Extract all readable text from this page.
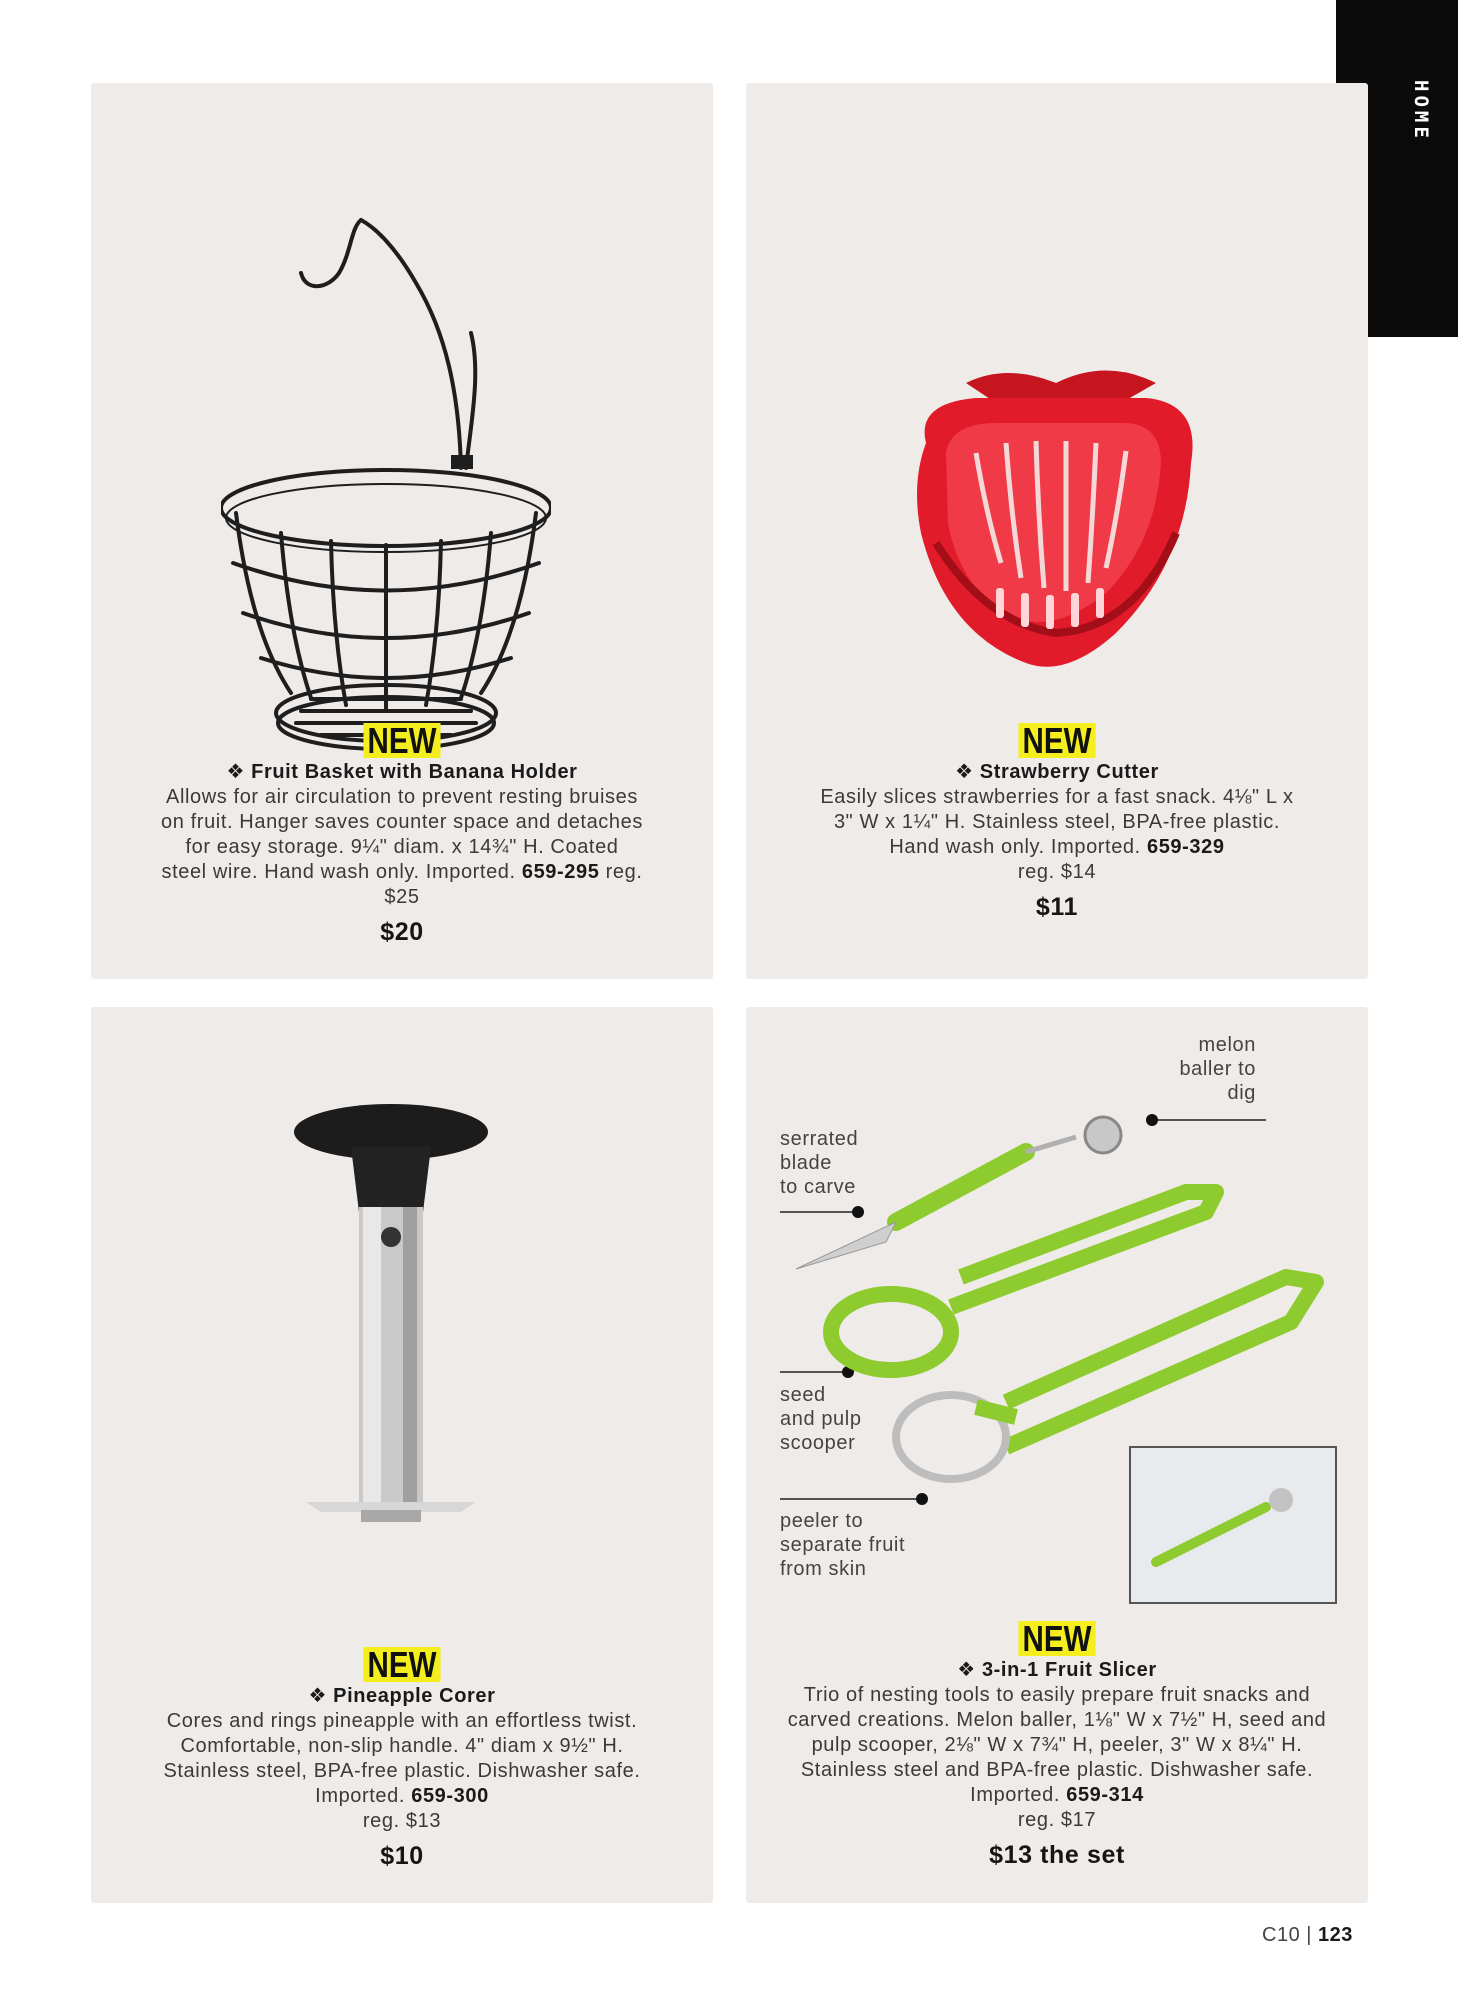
HOME
NEW
❖ Fruit Basket with Banana Holder
Allows for air circulation to prevent resting bruises on fruit. Hanger saves counter space and detaches for easy storage. 9¼" diam. x 14¾" H. Coated steel wire. Hand wash only. Imported. 659-295 reg. $25
$20
NEW
❖ Strawberry Cutter
Easily slices strawberries for a fast snack. 4⅛" L x 3" W x 1¼" H. Stainless steel, BPA-free plastic. Hand wash only. Imported. 659-329
reg. $14
$11
NEW
❖ Pineapple Corer
Cores and rings pineapple with an effortless twist. Comfortable, non-slip handle. 4" diam x 9½" H. Stainless steel, BPA-free plastic. Dishwasher safe. Imported. 659-300
reg. $13
$10
melon
baller to
dig
serrated
blade
to carve
seed
and pulp
scooper
peeler to
separate fruit
from skin
NEW
❖ 3-in-1 Fruit Slicer
Trio of nesting tools to easily prepare fruit snacks and carved creations. Melon baller, 1⅛" W x 7½" H, seed and pulp scooper, 2⅛" W x 7¾" H, peeler, 3" W x 8¼" H. Stainless steel and BPA-free plastic. Dishwasher safe. Imported. 659-314
reg. $17
$13 the set
C10 | 123
